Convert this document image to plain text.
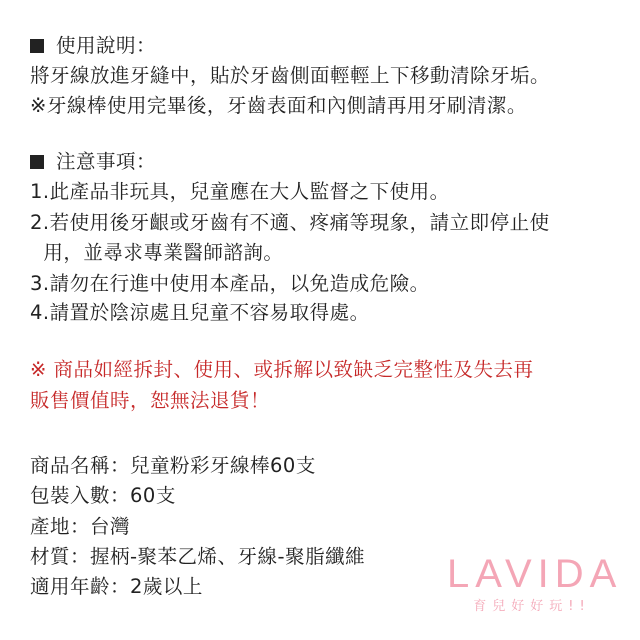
使用說明：
將牙線放進牙縫中，貼於牙齒側面輕輕上下移動清除牙垢。
※牙線棒使用完畢後，牙齒表面和內側請再用牙刷清潔。
注意事項：
1.此產品非玩具，兒童應在大人監督之下使用。
2.若使用後牙齦或牙齒有不適、疼痛等現象，請立即停止使
用，並尋求專業醫師諮詢。
3.請勿在行進中使用本產品，以免造成危險。
4.請置於陰涼處且兒童不容易取得處。
※ 商品如經拆封、使用、或拆解以致缺乏完整性及失去再
販售價值時，恕無法退貨！
商品名稱：兒童粉彩牙線棒60支
包裝入數：60支
產地：台灣
材質：握柄-聚苯乙烯、牙線-聚脂纖維
適用年齡：2歲以上	LAVIDA
育兒好好玩!!
